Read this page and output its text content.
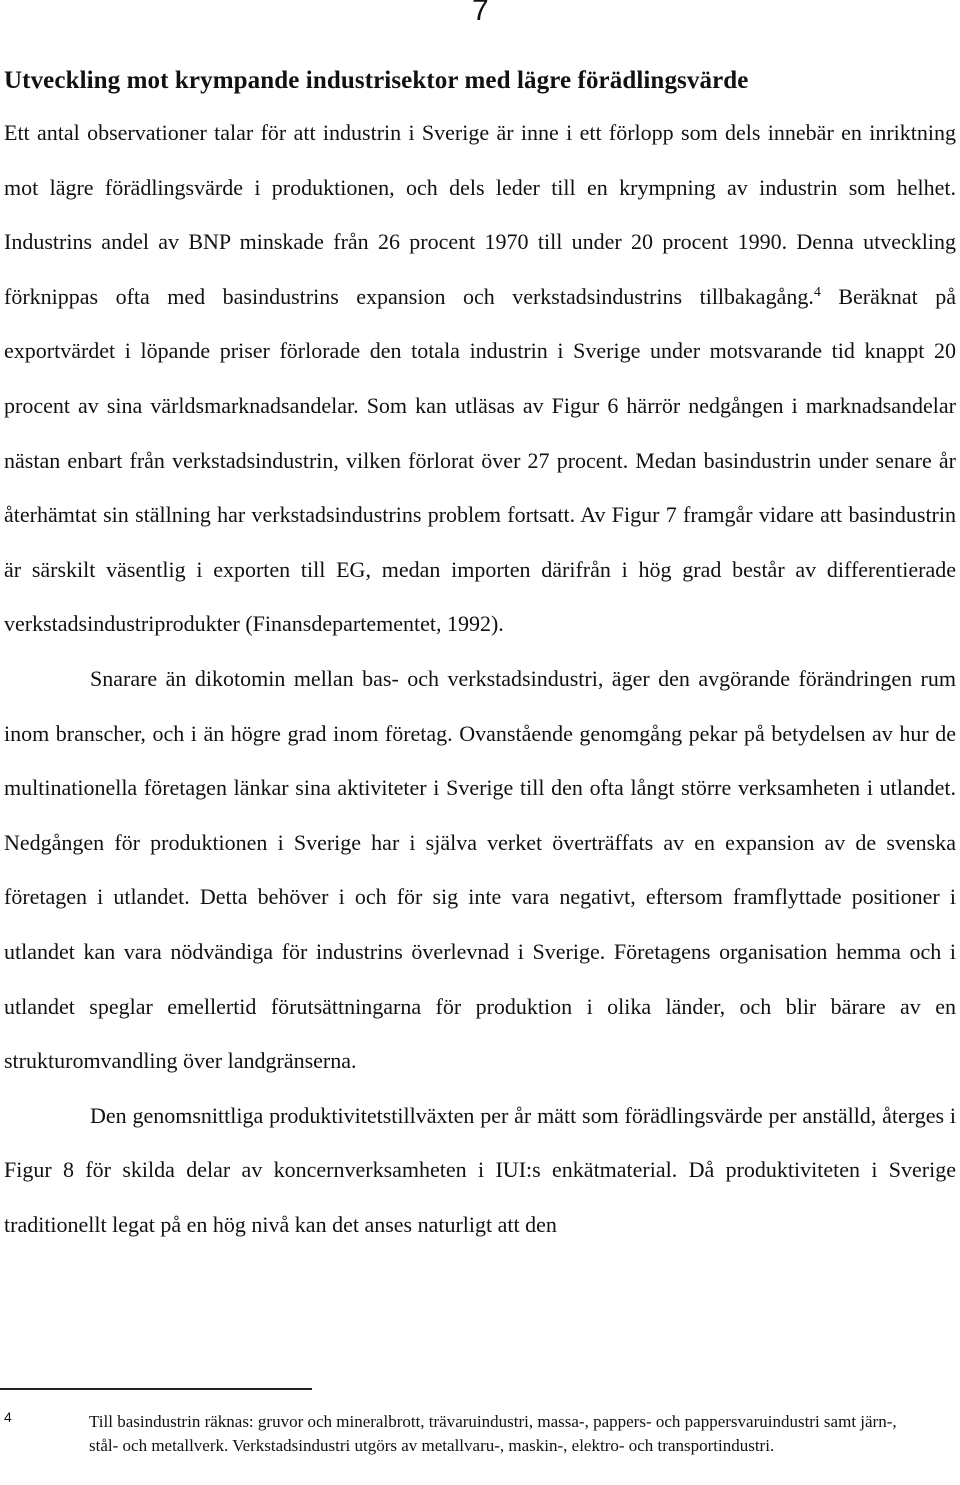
7
Utveckling mot krympande industrisektor med lägre förädlingsvärde

Ett antal observationer talar för att industrin i Sverige är inne i ett förlopp som dels innebär en inriktning mot lägre förädlingsvärde i produktionen, och dels leder till en krympning av industrin som helhet. Industrins andel av BNP minskade från 26 procent 1970 till under 20 procent 1990. Denna utveckling förknippas ofta med basindustrins expansion och verkstadsindustrins tillbakagång.$^4$ Beräknat på exportvärdet i löpande priser förlorade den totala industrin i Sverige under motsvarande tid knappt 20 procent av sina världsmarknadsandelar. Som kan utläsas av Figur 6 härrör nedgången i marknadsandelar nästan enbart från verkstadsindustrin, vilken förlorat över 27 procent. Medan basindustrin under senare år återhämtat sin ställning har verkstadsindustrins problem fortsatt. Av Figur 7 framgår vidare att basindustrin är särskilt väsentlig i exporten till EG, medan importen därifrån i hög grad består av differentierade verkstadsindustriprodukter (Finansdepartementet, 1992).

Snarare än dikotomin mellan bas- och verkstadsindustri, äger den avgörande förändringen rum inom branscher, och i än högre grad inom företag. Ovanstående genomgång pekar på betydelsen av hur de multinationella företagen länkar sina aktiviteter i Sverige till den ofta långt större verksamheten i utlandet. Nedgången för produktionen i Sverige har i själva verket överträffats av en expansion av de svenska företagen i utlandet. Detta behöver i och för sig inte vara negativt, eftersom framflyttade positioner i utlandet kan vara nödvändiga för industrins överlevnad i Sverige. Företagens organisation hemma och i utlandet speglar emellertid förutsättningarna för produktion i olika länder, och blir bärare av en strukturomvandling över landgränserna.

Den genomsnittliga produktivitetstillväxten per år mätt som förädlingsvärde per anställd, återges i Figur 8 för skilda delar av koncernverksamheten i IUI:s enkätmaterial. Då produktiviteten i Sverige traditionellt legat på en hög nivå kan det anses naturligt att den

4	Till basindustrin räknas: gruvor och mineralbrott, trävaruindustri, massa-, pappers- och pappersvaruindustri samt järn-, stål- och metallverk. Verkstadsindustri utgörs av metallvaru-, maskin-, elektro- och transportindustri.
